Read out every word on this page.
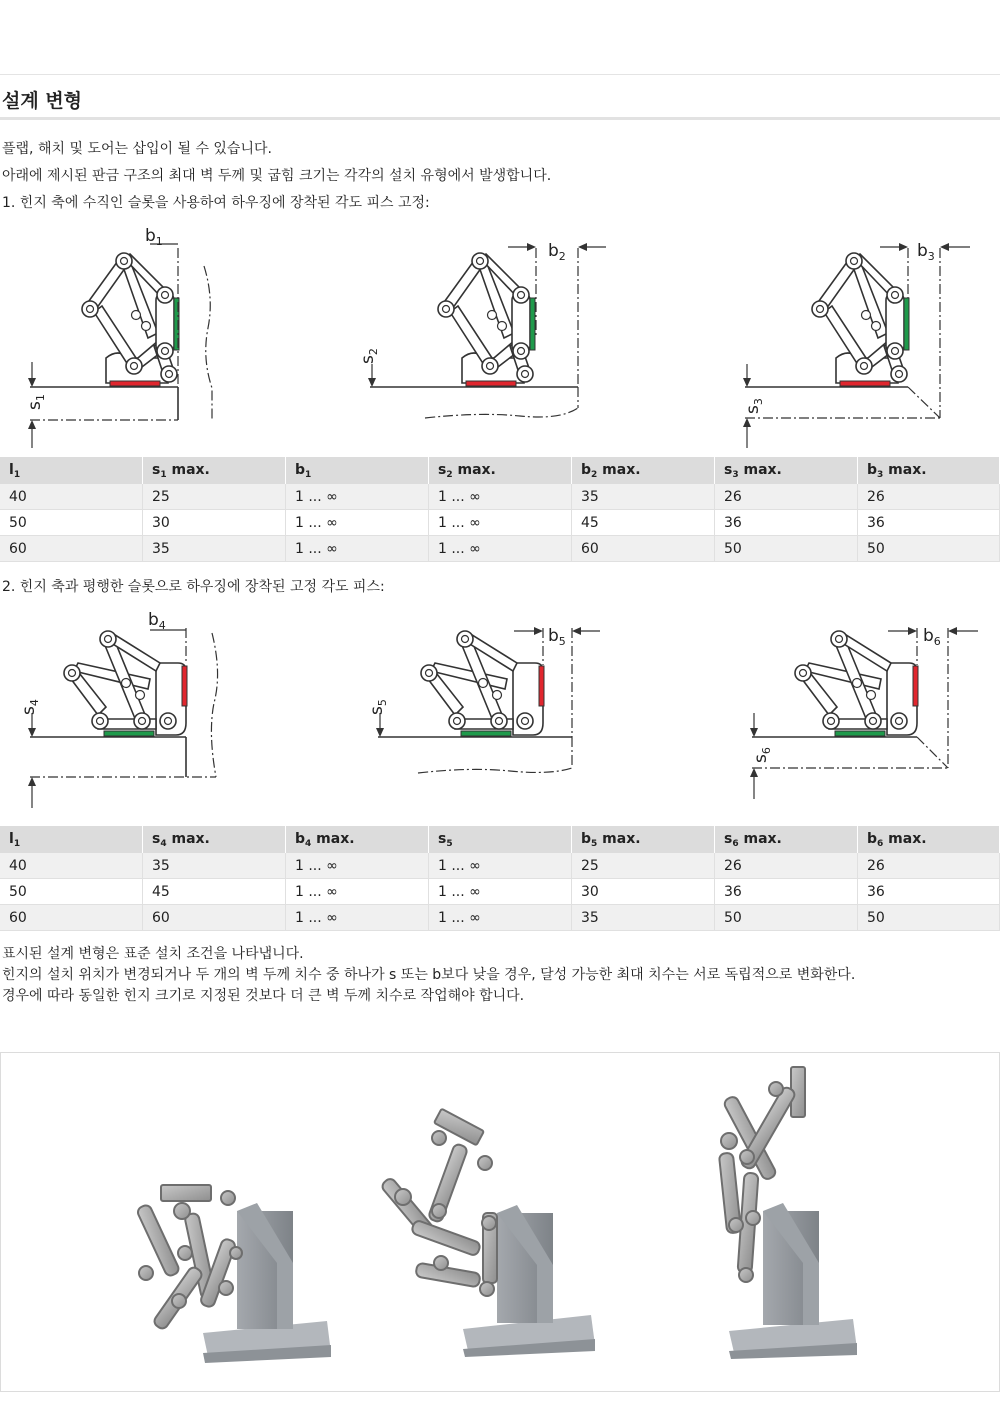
설계 변형
플랩, 해치 및 도어는 삽입이 될 수 있습니다.
아래에 제시된 판금 구조의 최대 벽 두께 및 굽힘 크기는 각각의 설치 유형에서 발생합니다.
1. 힌지 축에 수직인 슬롯을 사용하여 하우징에 장착된 각도 피스 고정:
$b_1$
$s_1$
$b_2$
$s_2$
$b_3$
$s_3$
$l_1$	$s_1$ max.	$b_1$	$s_2$ max.	$b_2$ max.	$s_3$ max.	$b_3$ max.
40	25	1 ... ∞	1 ... ∞	35	26	26
50	30	1 ... ∞	1 ... ∞	45	36	36
60	35	1 ... ∞	1 ... ∞	60	50	50
2. 힌지 축과 평행한 슬롯으로 하우징에 장착된 고정 각도 피스:
$b_4$
$s_4$
$b_5$
$s_5$
$b_6$
$s_6$
$l_1$	$s_4$ max.	$b_4$ max.	$s_5$	$b_5$ max.	$s_6$ max.	$b_6$ max.
40	35	1 ... ∞	1 ... ∞	25	26	26
50	45	1 ... ∞	1 ... ∞	30	36	36
60	60	1 ... ∞	1 ... ∞	35	50	50
표시된 설계 변형은 표준 설치 조건을 나타냅니다.
힌지의 설치 위치가 변경되거나 두 개의 벽 두께 치수 중 하나가 s 또는 b보다 낮을 경우, 달성 가능한 최대 치수는 서로 독립적으로 변화한다.
경우에 따라 동일한 힌지 크기로 지정된 것보다 더 큰 벽 두께 치수로 작업해야 합니다.
